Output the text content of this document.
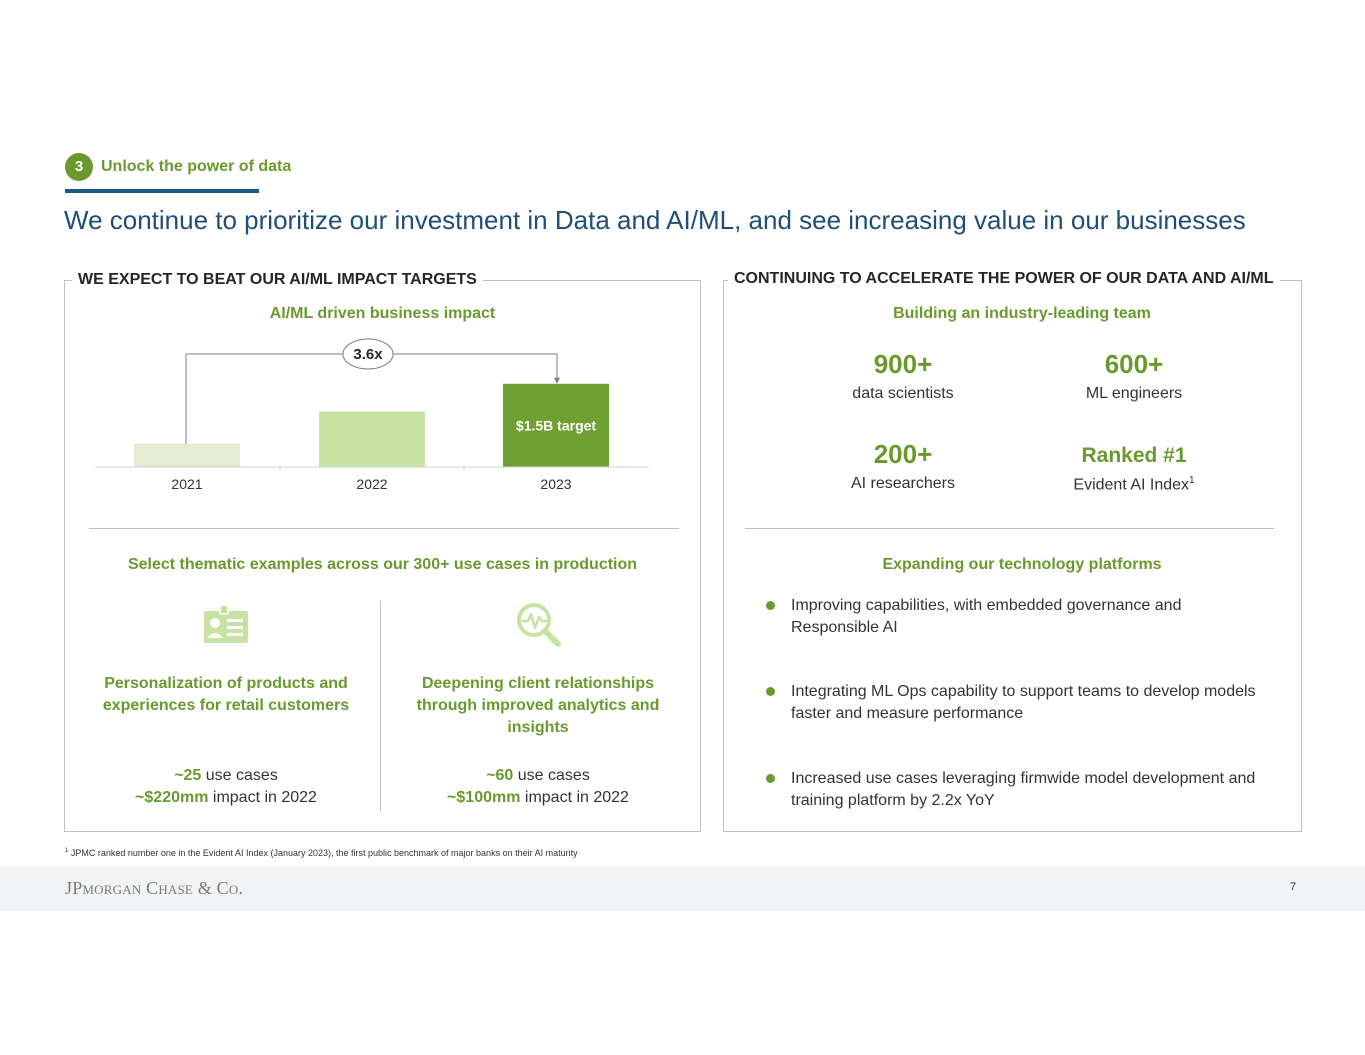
3	Unlock the power of data
We continue to prioritize our investment in Data and AI/ML, and see increasing value in our businesses
WE EXPECT TO BEAT OUR AI/ML IMPACT TARGETS
AI/ML driven business impact
2021	2022
$1.5B target
2023
3.6x
Select thematic examples across our 300+ use cases in production
Personalization of products and experiences for retail customers
~25 use cases
~$220mm impact in 2022
Deepening client relationships through improved analytics and insights
~60 use cases
~$100mm impact in 2022
CONTINUING TO ACCELERATE THE POWER OF OUR DATA AND AI/ML
Building an industry-leading team
900+
data scientists
600+
ML engineers
200+
AI researchers
Ranked #1
Evident AI Index$^1$
Expanding our technology platforms
Improving capabilities, with embedded governance and Responsible AI
Integrating ML Ops capability to support teams to develop models faster and measure performance
Increased use cases leveraging firmwide model development and training platform by 2.2x YoY
$^1$ JPMC ranked number one in the Evident AI Index (January 2023), the first public benchmark of major banks on their AI maturity
JPMORGAN CHASE & CO.	7
